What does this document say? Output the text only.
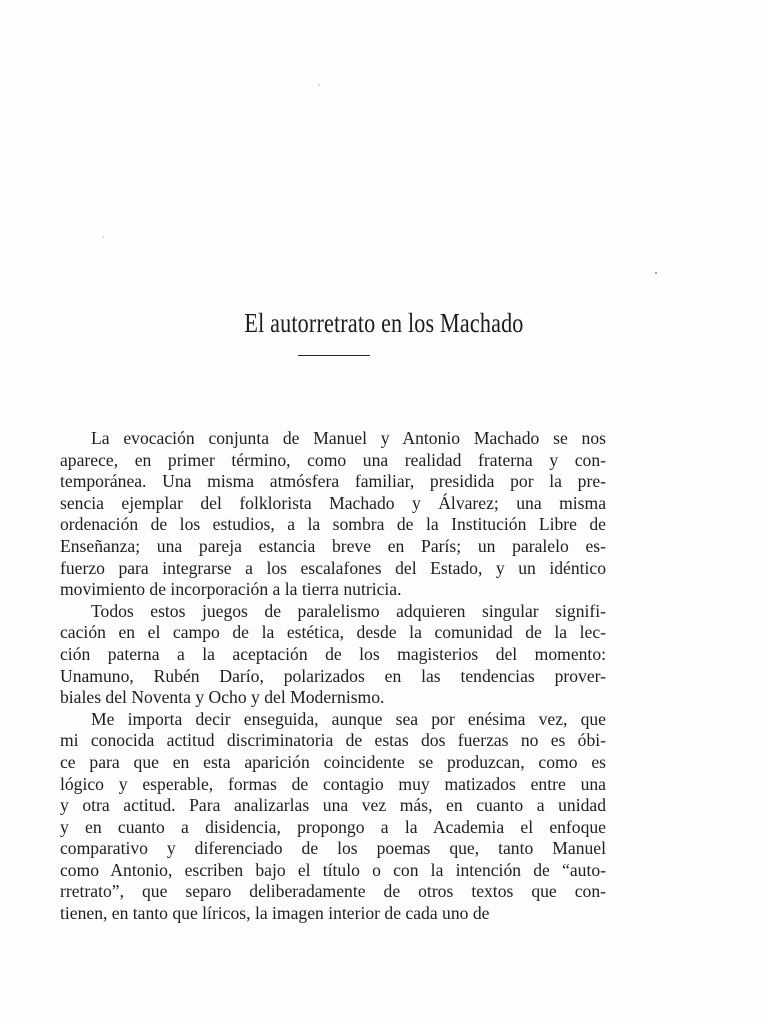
El autorretrato en los Machado
La evocación conjunta de Manuel y Antonio Machado se nos
aparece, en primer término, como una realidad fraterna y con-
temporánea. Una misma atmósfera familiar, presidida por la pre-
sencia ejemplar del folklorista Machado y Álvarez; una misma
ordenación de los estudios, a la sombra de la Institución Libre de
Enseñanza; una pareja estancia breve en París; un paralelo es-
fuerzo para integrarse a los escalafones del Estado, y un idéntico
movimiento de incorporación a la tierra nutricia.
Todos estos juegos de paralelismo adquieren singular signifi-
cación en el campo de la estética, desde la comunidad de la lec-
ción paterna a la aceptación de los magisterios del momento:
Unamuno, Rubén Darío, polarizados en las tendencias prover-
biales del Noventa y Ocho y del Modernismo.
Me importa decir enseguida, aunque sea por enésima vez, que
mi conocida actitud discriminatoria de estas dos fuerzas no es óbi-
ce para que en esta aparición coincidente se produzcan, como es
lógico y esperable, formas de contagio muy matizados entre una
y otra actitud. Para analizarlas una vez más, en cuanto a unidad
y en cuanto a disidencia, propongo a la Academia el enfoque
comparativo y diferenciado de los poemas que, tanto Manuel
como Antonio, escriben bajo el título o con la intención de “auto-
rretrato”, que separo deliberadamente de otros textos que con-
tienen, en tanto que líricos, la imagen interior de cada uno de
